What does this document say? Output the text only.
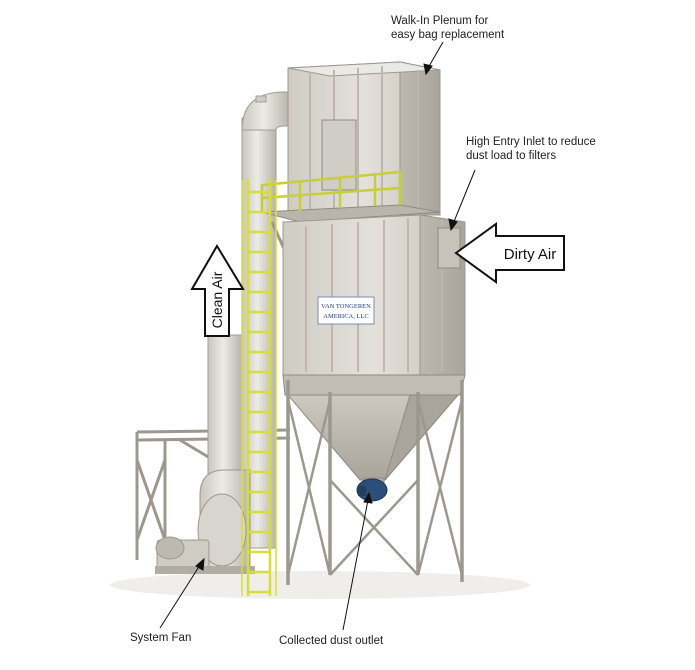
VAN TONGEREN
AMERICA, LLC
Clean Air
Dirty Air
Walk-In Plenum for
easy bag replacement
High Entry Inlet to reduce
dust load to filters
System Fan	Collected dust outlet
